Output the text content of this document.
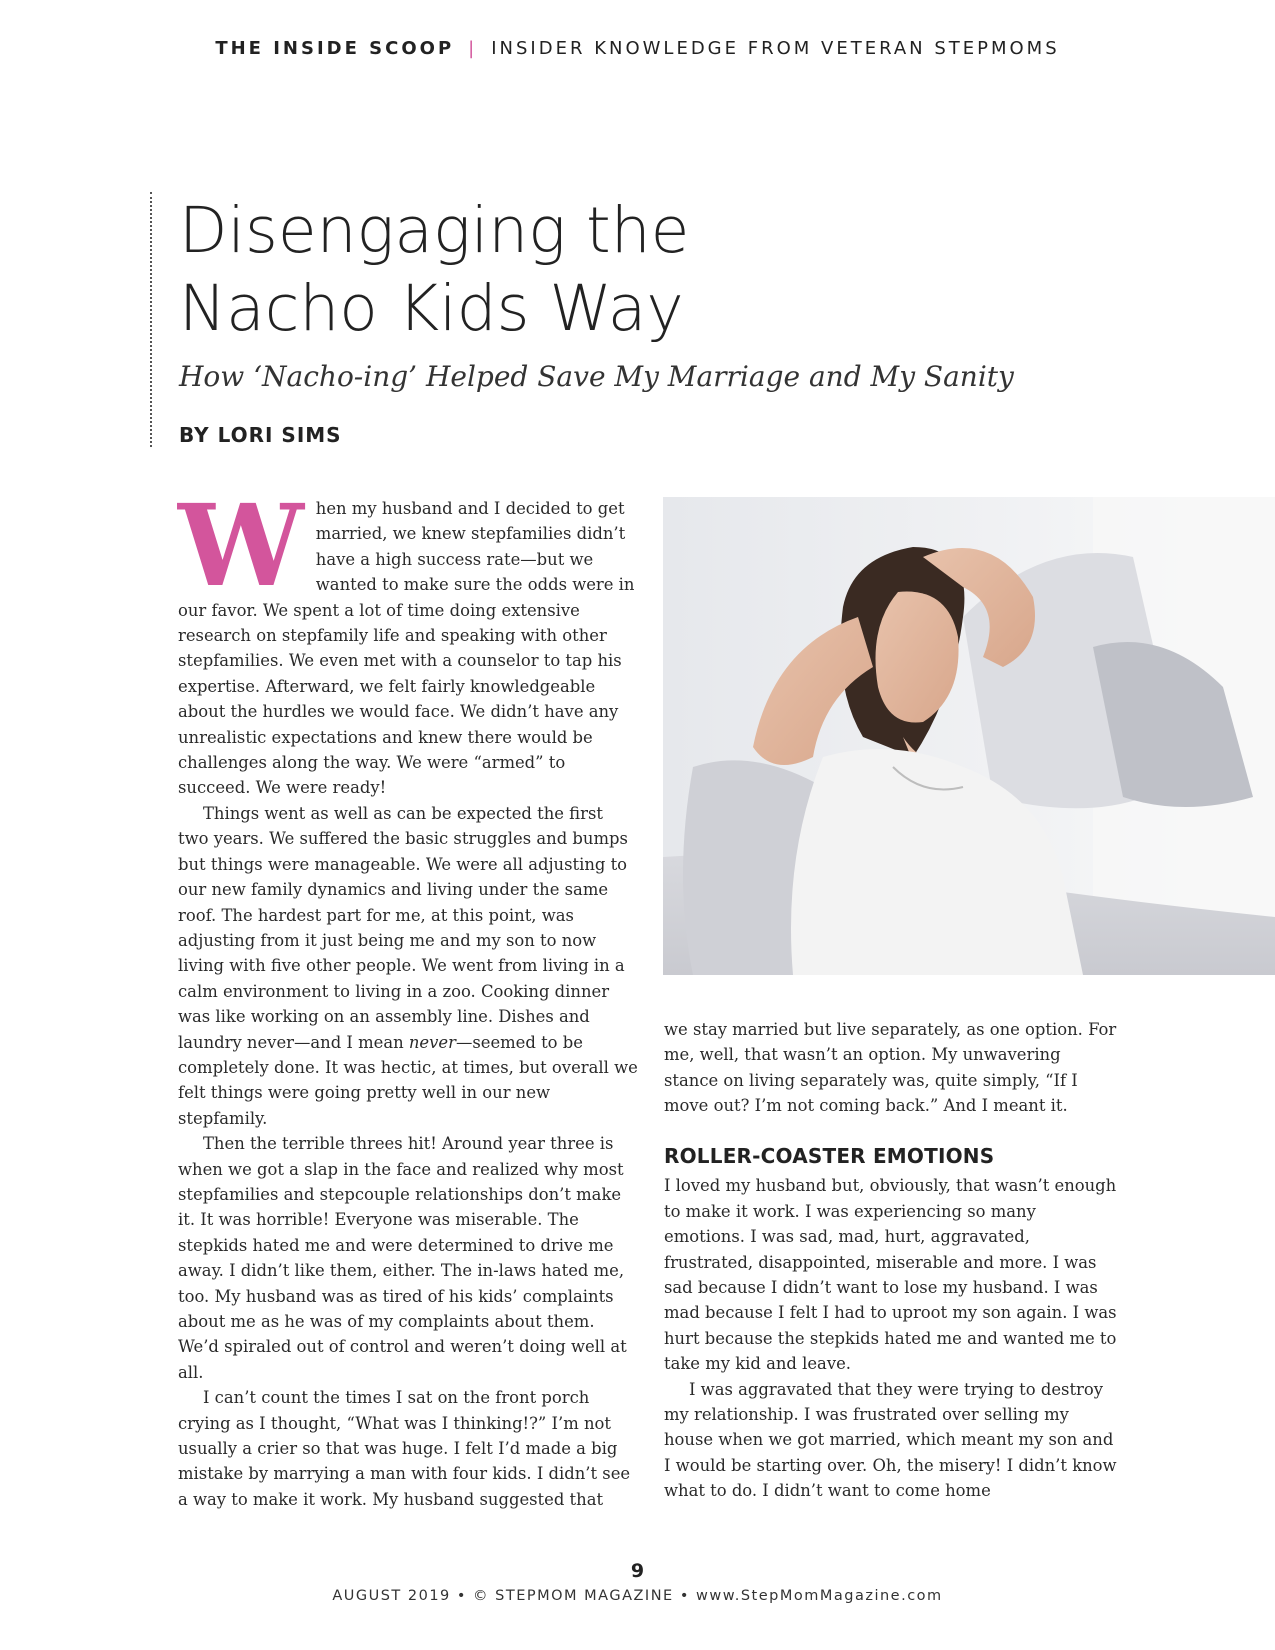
THE INSIDE SCOOP | INSIDER KNOWLEDGE FROM VETERAN STEPMOMS
Disengaging the
Nacho Kids Way
How ‘Nacho-ing’ Helped Save My Marriage and My Sanity
BY LORI SIMS

When my husband and I decided to get married, we knew stepfamilies didn’t have a high success rate—but we wanted to make sure the odds were in our favor. We spent a lot of time doing extensive research on stepfamily life and speaking with other stepfamilies. We even met with a counselor to tap his expertise. Afterward, we felt fairly knowledgeable about the hurdles we would face. We didn’t have any unrealistic expectations and knew there would be challenges along the way. We were “armed” to succeed. We were ready!

Things went as well as can be expected the first two years. We suffered the basic struggles and bumps but things were manageable. We were all adjusting to our new family dynamics and living under the same roof. The hardest part for me, at this point, was adjusting from it just being me and my son to now living with five other people. We went from living in a calm environment to living in a zoo. Cooking dinner was like working on an assembly line. Dishes and laundry never—and I mean never—seemed to be completely done. It was hectic, at times, but overall we felt things were going pretty well in our new stepfamily.

Then the terrible threes hit! Around year three is when we got a slap in the face and realized why most stepfamilies and stepcouple relationships don’t make it. It was horrible! Everyone was miserable. The stepkids hated me and were determined to drive me away. I didn’t like them, either. The in-laws hated me, too. My husband was as tired of his kids’ complaints about me as he was of my complaints about them. We’d spiraled out of control and weren’t doing well at all.

I can’t count the times I sat on the front porch crying as I thought, “What was I thinking!?” I’m not usually a crier so that was huge. I felt I’d made a big mistake by marrying a man with four kids. I didn’t see a way to make it work. My husband suggested that

we stay married but live separately, as one option. For me, well, that wasn’t an option. My unwavering stance on living separately was, quite simply, “If I move out? I’m not coming back.” And I meant it.

ROLLER-COASTER EMOTIONS

I loved my husband but, obviously, that wasn’t enough to make it work. I was experiencing so many emotions. I was sad, mad, hurt, aggravated, frustrated, disappointed, miserable and more. I was sad because I didn’t want to lose my husband. I was mad because I felt I had to uproot my son again. I was hurt because the stepkids hated me and wanted me to take my kid and leave.

I was aggravated that they were trying to destroy my relationship. I was frustrated over selling my house when we got married, which meant my son and I would be starting over. Oh, the misery! I didn’t know what to do. I didn’t want to come home

9
AUGUST 2019 • © STEPMOM MAGAZINE • www.StepMomMagazine.com
